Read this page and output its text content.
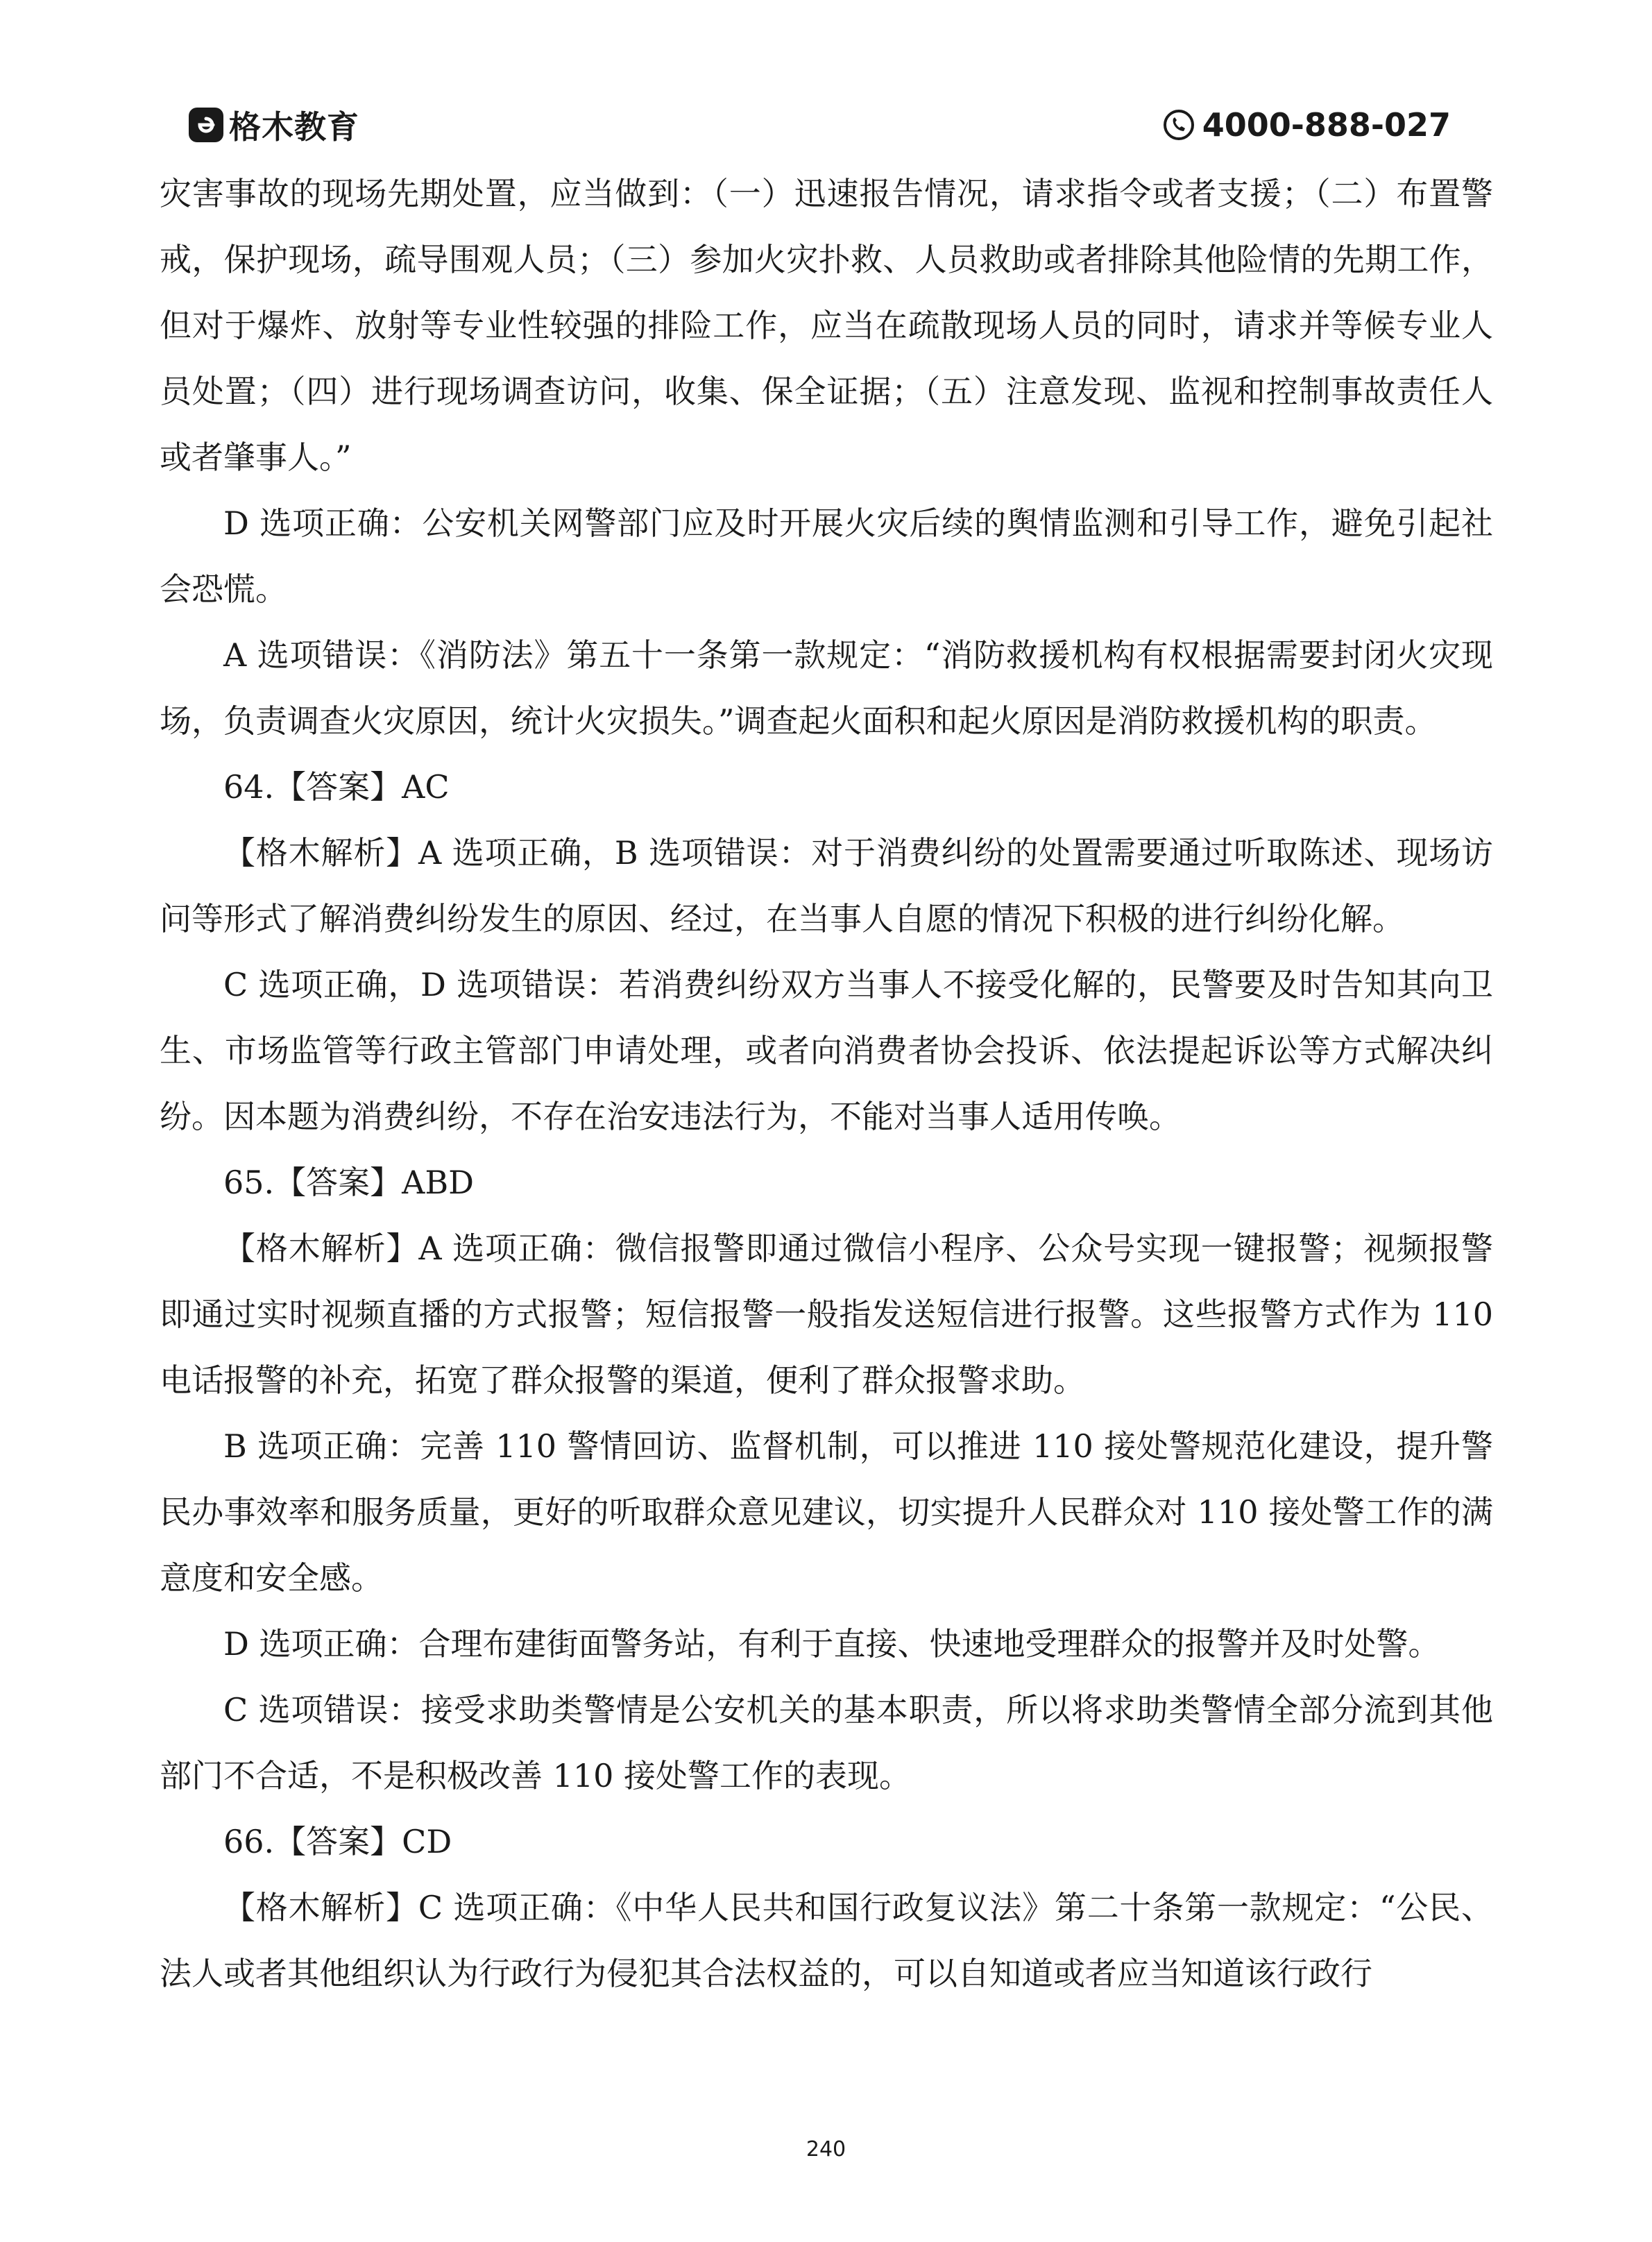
格木教育	4000-888-027

灾害事故的现场先期处置，应当做到：（一）迅速报告情况，请求指令或者支援；（二）布置警戒，保护现场，疏导围观人员；（三）参加火灾扑救、人员救助或者排除其他险情的先期工作，但对于爆炸、放射等专业性较强的排险工作，应当在疏散现场人员的同时，请求并等候专业人员处置；（四）进行现场调查访问，收集、保全证据；（五）注意发现、监视和控制事故责任人或者肇事人。”

D 选项正确：公安机关网警部门应及时开展火灾后续的舆情监测和引导工作，避免引起社会恐慌。

A 选项错误：《消防法》第五十一条第一款规定：“消防救援机构有权根据需要封闭火灾现场，负责调查火灾原因，统计火灾损失。”调查起火面积和起火原因是消防救援机构的职责。

64.【答案】AC

【格木解析】A 选项正确，B 选项错误：对于消费纠纷的处置需要通过听取陈述、现场访问等形式了解消费纠纷发生的原因、经过，在当事人自愿的情况下积极的进行纠纷化解。

C 选项正确，D 选项错误：若消费纠纷双方当事人不接受化解的，民警要及时告知其向卫生、市场监管等行政主管部门申请处理，或者向消费者协会投诉、依法提起诉讼等方式解决纠纷。因本题为消费纠纷，不存在治安违法行为，不能对当事人适用传唤。

65.【答案】ABD

【格木解析】A 选项正确：微信报警即通过微信小程序、公众号实现一键报警；视频报警即通过实时视频直播的方式报警；短信报警一般指发送短信进行报警。这些报警方式作为 110 电话报警的补充，拓宽了群众报警的渠道，便利了群众报警求助。

B 选项正确：完善 110 警情回访、监督机制，可以推进 110 接处警规范化建设，提升警民办事效率和服务质量，更好的听取群众意见建议，切实提升人民群众对 110 接处警工作的满意度和安全感。

D 选项正确：合理布建街面警务站，有利于直接、快速地受理群众的报警并及时处警。

C 选项错误：接受求助类警情是公安机关的基本职责，所以将求助类警情全部分流到其他部门不合适，不是积极改善 110 接处警工作的表现。

66.【答案】CD

【格木解析】C 选项正确：《中华人民共和国行政复议法》第二十条第一款规定：“公民、法人或者其他组织认为行政行为侵犯其合法权益的，可以自知道或者应当知道该行政行

240
